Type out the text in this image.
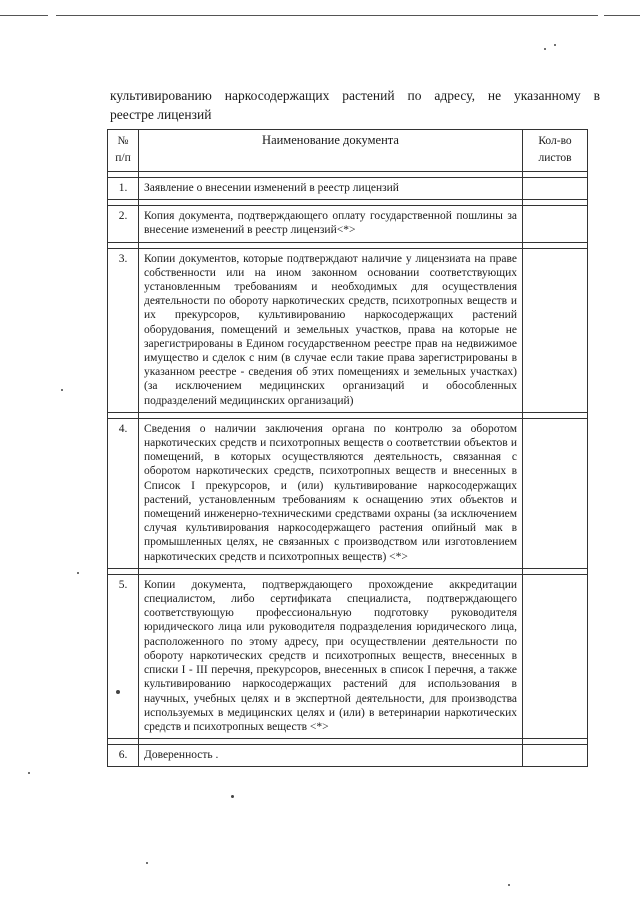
культивированию наркосодержащих растений по адресу, не указанному в
реестре лицензий
№ п/п	Наименование документа	Кол-во листов

1.	Заявление о внесении изменений в реестр лицензий	

2.	Копия документа, подтверждающего оплату государственной пошлины за внесение изменений в реестр лицензий<*>	

3.	Копии документов, которые подтверждают наличие у лицензиата на праве собственности или на ином законном основании соответствующих установленным требованиям и необходимых для осуществления деятельности по обороту наркотических средств, психотропных веществ и их прекурсоров, культивированию наркосодержащих растений оборудования, помещений и земельных участков, права на которые не зарегистрированы в Едином государственном реестре прав на недвижимое имущество и сделок с ним (в случае если такие права зарегистрированы в указанном реестре - сведения об этих помещениях и земельных участках) (за исключением медицинских организаций и обособленных подразделений медицинских организаций)	

4.	Сведения о наличии заключения органа по контролю за оборотом наркотических средств и психотропных веществ о соответствии объектов и помещений, в которых осуществляются деятельность, связанная с оборотом наркотических средств, психотропных веществ и внесенных в Список I прекурсоров, и (или) культивирование наркосодержащих растений, установленным требованиям к оснащению этих объектов и помещений инженерно-техническими средствами охраны (за исключением случая культивирования наркосодержащего растения опийный мак в промышленных целях, не связанных с производством или изготовлением наркотических средств и психотропных веществ) <*>	

5.	Копии документа, подтверждающего прохождение аккредитации специалистом, либо сертификата специалиста, подтверждающего соответствующую профессиональную подготовку руководителя юридического лица или руководителя подразделения юридического лица, расположенного по этому адресу, при осуществлении деятельности по обороту наркотических средств и психотропных веществ, внесенных в списки I - III перечня, прекурсоров, внесенных в список I перечня, а также культивированию наркосодержащих растений для использования в научных, учебных целях и в экспертной деятельности, для производства используемых в медицинских целях и (или) в ветеринарии наркотических средств и психотропных веществ <*>	

6.	Доверенность .	
